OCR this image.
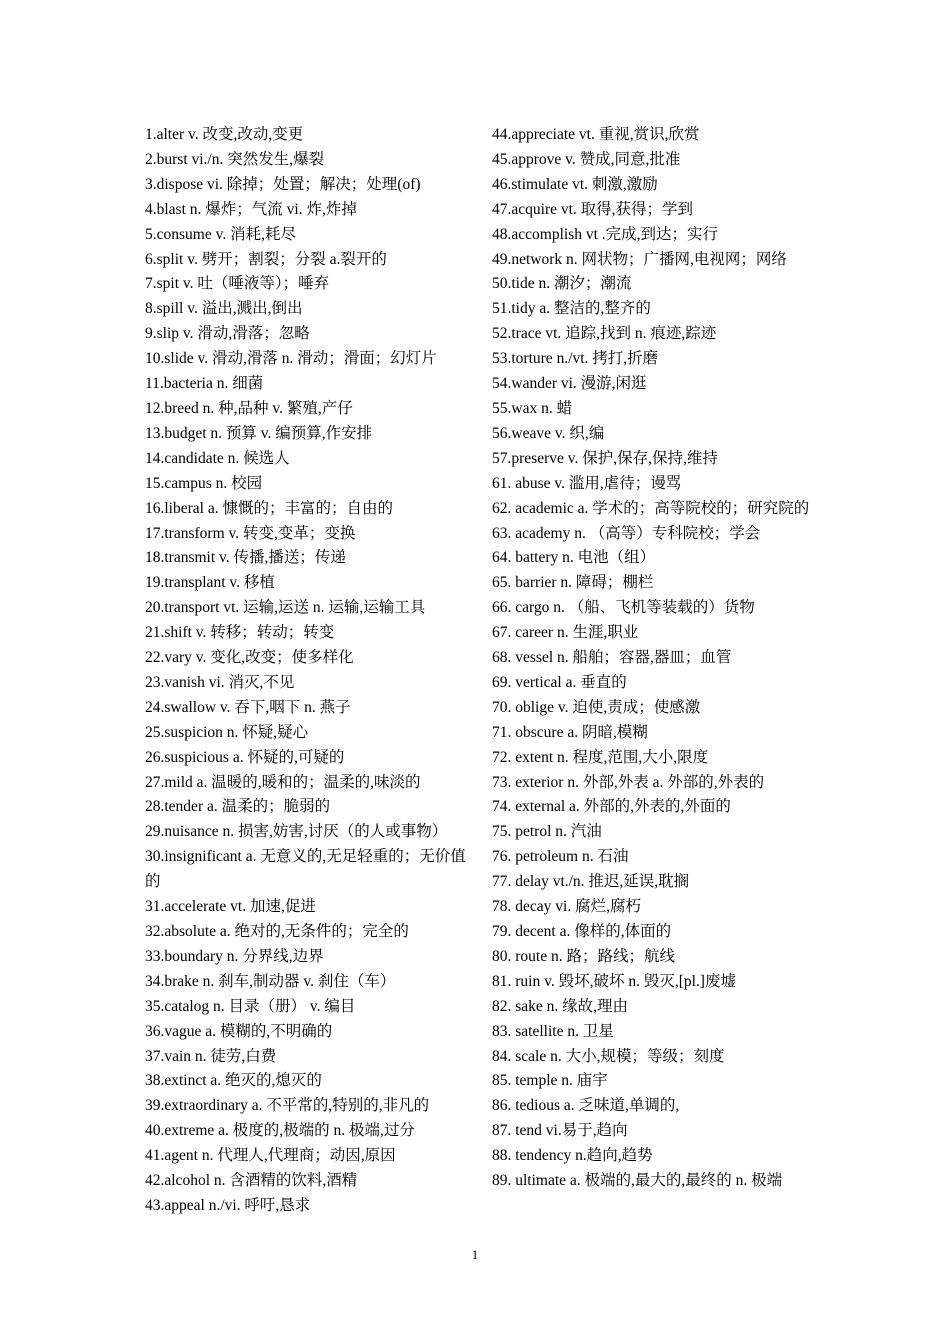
1.alter v. 改变,改动,变更

2.burst vi./n. 突然发生,爆裂

3.dispose vi. 除掉；处置；解决；处理(of)

4.blast n. 爆炸；气流 vi. 炸,炸掉

5.consume v. 消耗,耗尽

6.split v. 劈开；割裂；分裂 a.裂开的

7.spit v. 吐（唾液等）；唾弃

8.spill v. 溢出,溅出,倒出

9.slip v. 滑动,滑落；忽略

10.slide v. 滑动,滑落 n. 滑动；滑面；幻灯片

11.bacteria n. 细菌

12.breed n. 种,品种 v. 繁殖,产仔

13.budget n. 预算 v. 编预算,作安排

14.candidate n. 候选人

15.campus n. 校园

16.liberal a. 慷慨的；丰富的；自由的

17.transform v. 转变,变革；变换

18.transmit v. 传播,播送；传递

19.transplant v. 移植

20.transport vt. 运输,运送 n. 运输,运输工具

21.shift v. 转移；转动；转变

22.vary v. 变化,改变；使多样化

23.vanish vi. 消灭,不见

24.swallow v. 吞下,咽下 n. 燕子

25.suspicion n. 怀疑,疑心

26.suspicious a. 怀疑的,可疑的

27.mild a. 温暖的,暖和的；温柔的,味淡的

28.tender a. 温柔的；脆弱的

29.nuisance n. 损害,妨害,讨厌（的人或事物）

30.insignificant a. 无意义的,无足轻重的；无价值的

31.accelerate vt. 加速,促进

32.absolute a. 绝对的,无条件的；完全的

33.boundary n. 分界线,边界

34.brake n. 刹车,制动器 v. 刹住（车）

35.catalog n. 目录（册） v. 编目

36.vague a. 模糊的,不明确的

37.vain n. 徒劳,白费

38.extinct a. 绝灭的,熄灭的

39.extraordinary a. 不平常的,特别的,非凡的

40.extreme a. 极度的,极端的 n. 极端,过分

41.agent n. 代理人,代理商；动因,原因

42.alcohol n. 含酒精的饮料,酒精

43.appeal n./vi. 呼吁,恳求

44.appreciate vt. 重视,赏识,欣赏

45.approve v. 赞成,同意,批准

46.stimulate vt. 刺激,激励

47.acquire vt. 取得,获得；学到

48.accomplish vt .完成,到达；实行

49.network n. 网状物；广播网,电视网；网络

50.tide n. 潮汐；潮流

51.tidy a. 整洁的,整齐的

52.trace vt. 追踪,找到 n. 痕迹,踪迹

53.torture n./vt. 拷打,折磨

54.wander vi. 漫游,闲逛

55.wax n. 蜡

56.weave v. 织,编

57.preserve v. 保护,保存,保持,维持

61. abuse v. 滥用,虐待；谩骂

62. academic a. 学术的；高等院校的；研究院的

63. academy n. （高等）专科院校；学会

64. battery n. 电池（组）

65. barrier n. 障碍；棚栏

66. cargo n. （船、飞机等装载的）货物

67. career n. 生涯,职业

68. vessel n. 船舶；容器,器皿；血管

69. vertical a. 垂直的

70. oblige v. 迫使,责成；使感激

71. obscure a. 阴暗,模糊

72. extent n. 程度,范围,大小,限度

73. exterior n. 外部,外表 a. 外部的,外表的

74. external a. 外部的,外表的,外面的

75. petrol n. 汽油

76. petroleum n. 石油

77. delay vt./n. 推迟,延误,耽搁

78. decay vi. 腐烂,腐朽

79. decent a. 像样的,体面的

80. route n. 路；路线；航线

81. ruin v. 毁坏,破坏 n. 毁灭,[pl.]废墟

82. sake n. 缘故,理由

83. satellite n. 卫星

84. scale n. 大小,规模；等级；刻度

85. temple n. 庙宇

86. tedious a. 乏味道,单调的,

87. tend vi.易于,趋向

88. tendency n.趋向,趋势

89. ultimate a. 极端的,最大的,最终的 n. 极端

1
